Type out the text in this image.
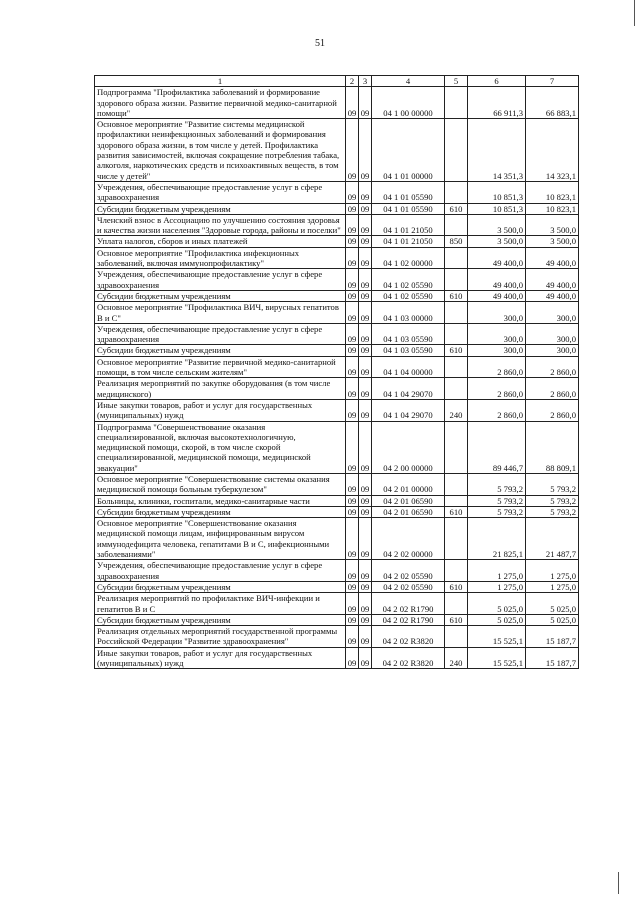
51
1	2	3	4	5	6	7
Подпрограмма "Профилактика заболеваний и формирование здорового образа жизни. Развитие первичной медико-санитарной помощи"	09	09	04 1 00 00000		66 911,3	66 883,1
Основное мероприятие "Развитие системы медицинской профилактики неинфекционных заболеваний и формирования здорового образа жизни, в том числе у детей. Профилактика развития зависимостей, включая сокращение потребления табака, алкоголя, наркотических средств и психоактивных веществ, в том числе у детей"	09	09	04 1 01 00000		14 351,3	14 323,1
Учреждения, обеспечивающие предоставление услуг в сфере здравоохранения	09	09	04 1 01 05590		10 851,3	10 823,1
Субсидии бюджетным учреждениям	09	09	04 1 01 05590	610	10 851,3	10 823,1
Членский взнос в Ассоциацию по улучшению состояния здоровья и качества жизни населения "Здоровые города, районы и поселки"	09	09	04 1 01 21050		3 500,0	3 500,0
Уплата налогов, сборов и иных платежей	09	09	04 1 01 21050	850	3 500,0	3 500,0
Основное мероприятие "Профилактика инфекционных заболеваний, включая иммунопрофилактику"	09	09	04 1 02 00000		49 400,0	49 400,0
Учреждения, обеспечивающие предоставление услуг в сфере здравоохранения	09	09	04 1 02 05590		49 400,0	49 400,0
Субсидии бюджетным учреждениям	09	09	04 1 02 05590	610	49 400,0	49 400,0
Основное мероприятие "Профилактика ВИЧ, вирусных гепатитов В и С"	09	09	04 1 03 00000		300,0	300,0
Учреждения, обеспечивающие предоставление услуг в сфере здравоохранения	09	09	04 1 03 05590		300,0	300,0
Субсидии бюджетным учреждениям	09	09	04 1 03 05590	610	300,0	300,0
Основное мероприятие "Развитие первичной медико-санитарной помощи, в том числе сельским жителям"	09	09	04 1 04 00000		2 860,0	2 860,0
Реализация мероприятий по закупке оборудования (в том числе медицинского)	09	09	04 1 04 29070		2 860,0	2 860,0
Иные закупки товаров, работ и услуг для государственных (муниципальных) нужд	09	09	04 1 04 29070	240	2 860,0	2 860,0
Подпрограмма "Совершенствование оказания специализированной, включая высокотехнологичную, медицинской помощи, скорой, в том числе скорой специализированной, медицинской помощи, медицинской эвакуации"	09	09	04 2 00 00000		89 446,7	88 809,1
Основное мероприятие "Совершенствование системы оказания медицинской помощи больным туберкулезом"	09	09	04 2 01 00000		5 793,2	5 793,2
Больницы, клиники, госпитали, медико-санитарные части	09	09	04 2 01 06590		5 793,2	5 793,2
Субсидии бюджетным учреждениям	09	09	04 2 01 06590	610	5 793,2	5 793,2
Основное мероприятие "Совершенствование оказания медицинской помощи лицам, инфицированным вирусом иммунодефицита человека, гепатитами В и С, инфекционными заболеваниями"	09	09	04 2 02 00000		21 825,1	21 487,7
Учреждения, обеспечивающие предоставление услуг в сфере здравоохранения	09	09	04 2 02 05590		1 275,0	1 275,0
Субсидии бюджетным учреждениям	09	09	04 2 02 05590	610	1 275,0	1 275,0
Реализация мероприятий по профилактике ВИЧ-инфекции и гепатитов В и С	09	09	04 2 02 R1790		5 025,0	5 025,0
Субсидии бюджетным учреждениям	09	09	04 2 02 R1790	610	5 025,0	5 025,0
Реализация отдельных мероприятий государственной программы Российской Федерации "Развитие здравоохранения"	09	09	04 2 02 R3820		15 525,1	15 187,7
Иные закупки товаров, работ и услуг для государственных (муниципальных) нужд	09	09	04 2 02 R3820	240	15 525,1	15 187,7
